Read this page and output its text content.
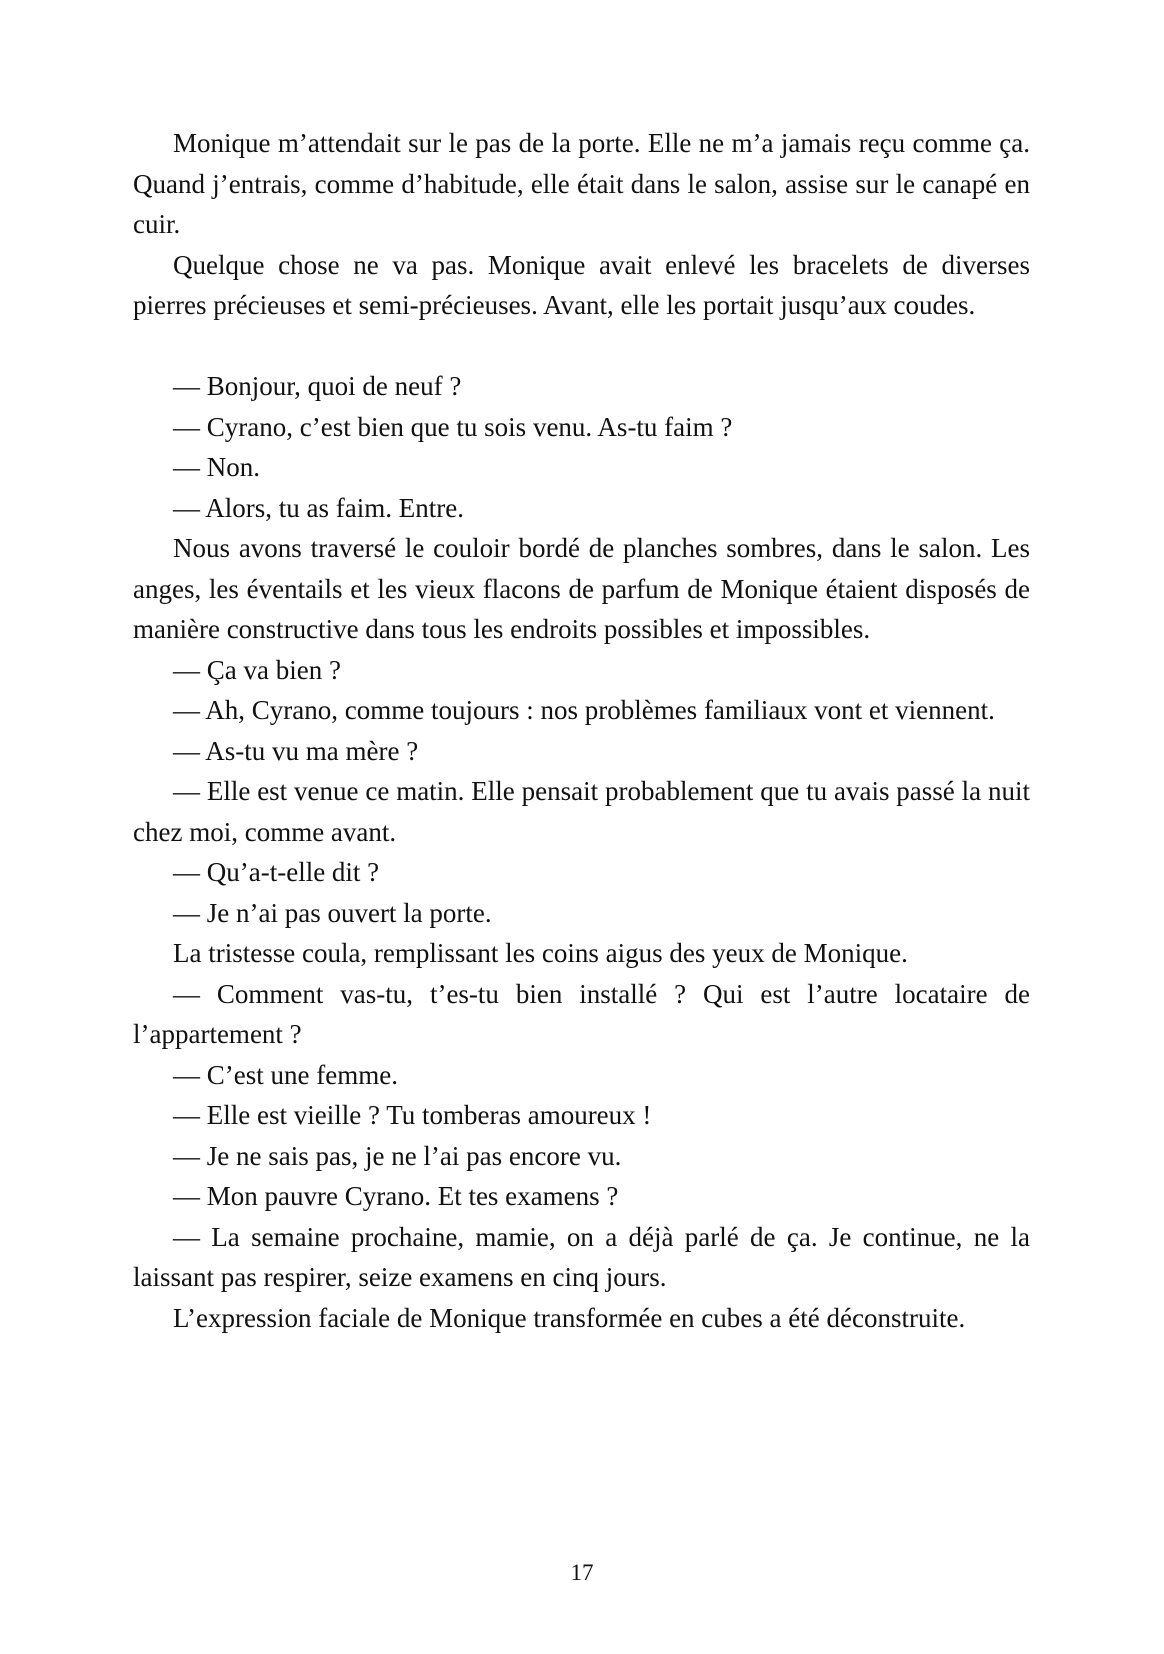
Monique m’attendait sur le pas de la porte. Elle ne m’a jamais reçu comme ça. Quand j’entrais, comme d’habitude, elle était dans le salon, assise sur le canapé en cuir.

Quelque chose ne va pas. Monique avait enlevé les bracelets de diverses pierres précieuses et semi-précieuses. Avant, elle les portait jusqu’aux coudes.

— Bonjour, quoi de neuf ?

— Cyrano, c’est bien que tu sois venu. As-tu faim ?

— Non.

— Alors, tu as faim. Entre.

Nous avons traversé le couloir bordé de planches sombres, dans le salon. Les anges, les éventails et les vieux flacons de parfum de Monique étaient disposés de manière constructive dans tous les endroits possibles et impossibles.

— Ça va bien ?

— Ah, Cyrano, comme toujours : nos problèmes familiaux vont et viennent.

— As-tu vu ma mère ?

— Elle est venue ce matin. Elle pensait probablement que tu avais passé la nuit chez moi, comme avant.

— Qu’a-t-elle dit ?

— Je n’ai pas ouvert la porte.

La tristesse coula, remplissant les coins aigus des yeux de Monique.

— Comment vas-tu, t’es-tu bien installé ? Qui est l’autre locataire de l’appartement ?

— C’est une femme.

— Elle est vieille ? Tu tomberas amoureux !

— Je ne sais pas, je ne l’ai pas encore vu.

— Mon pauvre Cyrano. Et tes examens ?

— La semaine prochaine, mamie, on a déjà parlé de ça. Je continue, ne la laissant pas respirer, seize examens en cinq jours.

L’expression faciale de Monique transformée en cubes a été déconstruite.

17
